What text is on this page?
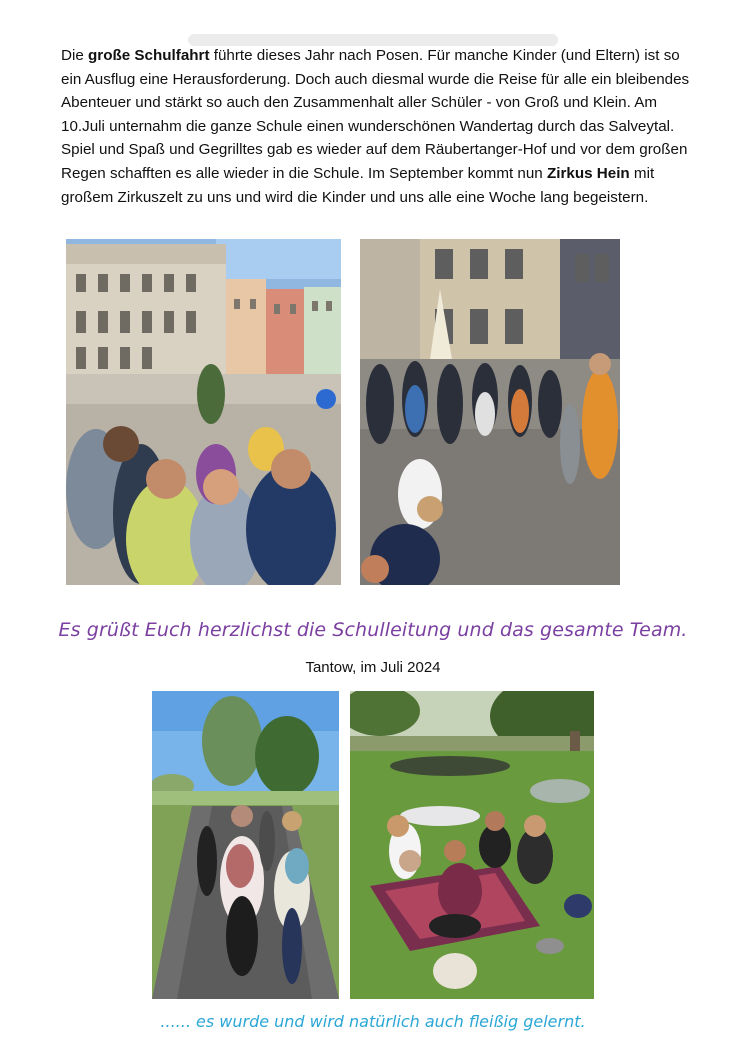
Die große Schulfahrt führte dieses Jahr nach Posen. Für manche Kinder (und Eltern) ist so ein Ausflug eine Herausforderung. Doch auch diesmal wurde die Reise für alle ein bleibendes Abenteuer und stärkt so auch den Zusammenhalt aller Schüler - von Groß und Klein. Am 10.Juli unternahm die ganze Schule einen wunderschönen Wandertag durch das Salveytal. Spiel und Spaß und Gegrilltes gab es wieder auf dem Räubertanger-Hof und vor dem großen Regen schafften es alle wieder in die Schule. Im September kommt nun Zirkus Hein mit großem Zirkuszelt zu uns und wird die Kinder und uns alle eine Woche lang begeistern.

Es grüßt Euch herzlichst die Schulleitung und das gesamte Team.
Tantow, im Juli 2024
...... es wurde und wird natürlich auch fleißig gelernt.
